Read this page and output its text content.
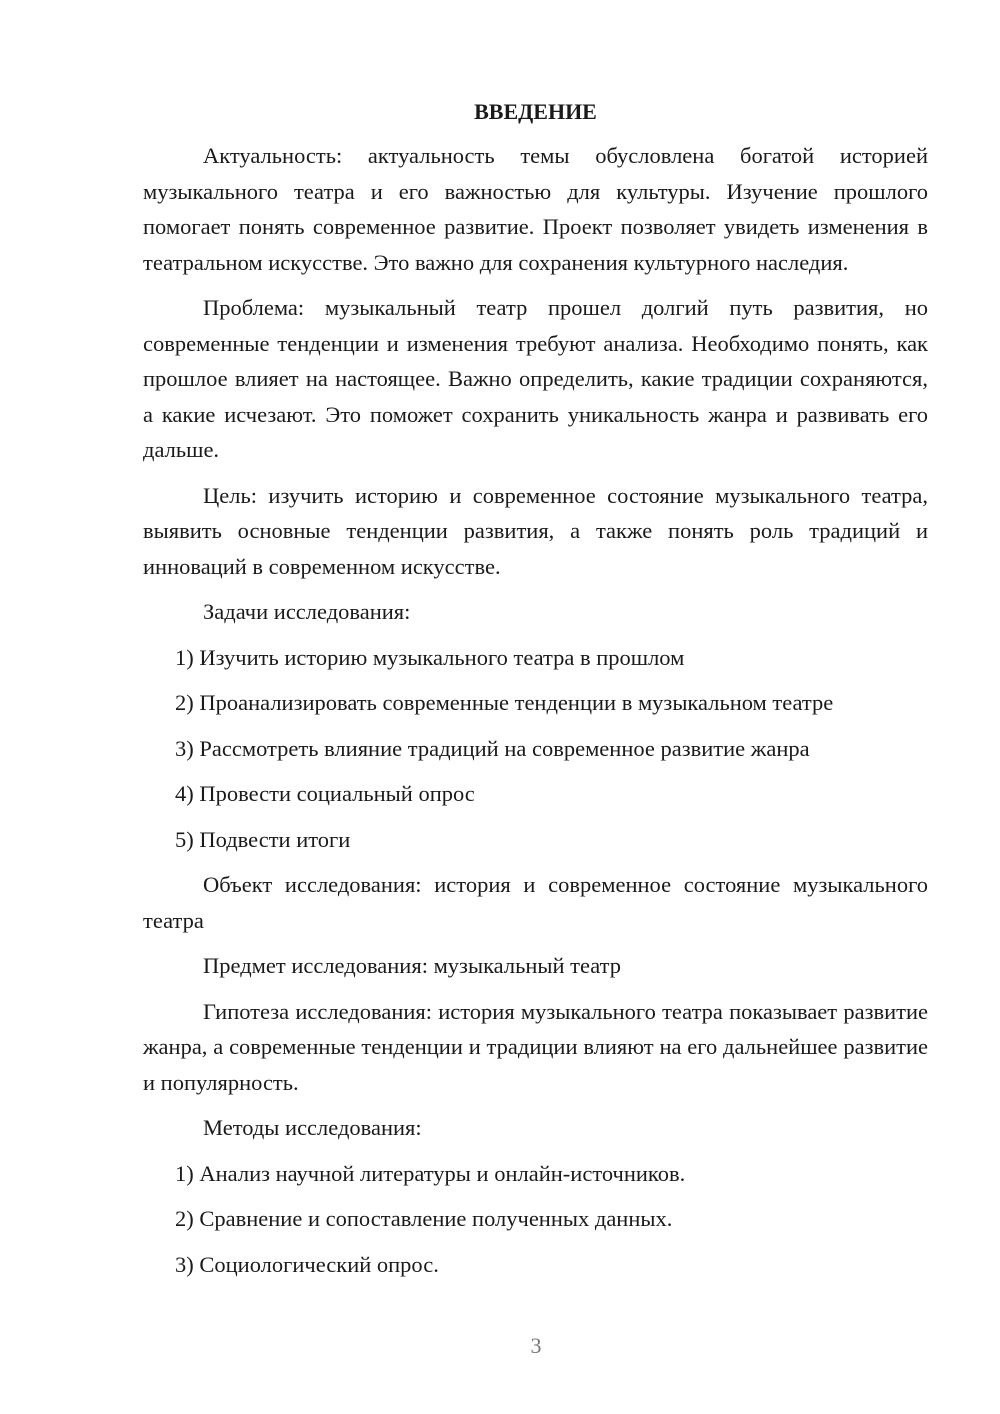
ВВЕДЕНИЕ

Актуальность: актуальность темы обусловлена богатой историей музыкального театра и его важностью для культуры. Изучение прошлого помогает понять современное развитие. Проект позволяет увидеть изменения в театральном искусстве. Это важно для сохранения культурного наследия.

Проблема: музыкальный театр прошел долгий путь развития, но современные тенденции и изменения требуют анализа. Необходимо понять, как прошлое влияет на настоящее. Важно определить, какие традиции сохраняются, а какие исчезают. Это поможет сохранить уникальность жанра и развивать его дальше.

Цель: изучить историю и современное состояние музыкального театра, выявить основные тенденции развития, а также понять роль традиций и инноваций в современном искусстве.

Задачи исследования:
1) Изучить историю музыкального театра в прошлом
2) Проанализировать современные тенденции в музыкальном театре
3) Рассмотреть влияние традиций на современное развитие жанра
4) Провести социальный опрос
5) Подвести итоги

Объект исследования: история и современное состояние музыкального театра

Предмет исследования: музыкальный театр

Гипотеза исследования: история музыкального театра показывает развитие жанра, а современные тенденции и традиции влияют на его дальнейшее развитие и популярность.

Методы исследования:
1) Анализ научной литературы и онлайн-источников.
2) Сравнение и сопоставление полученных данных.
3) Социологический опрос.
3
